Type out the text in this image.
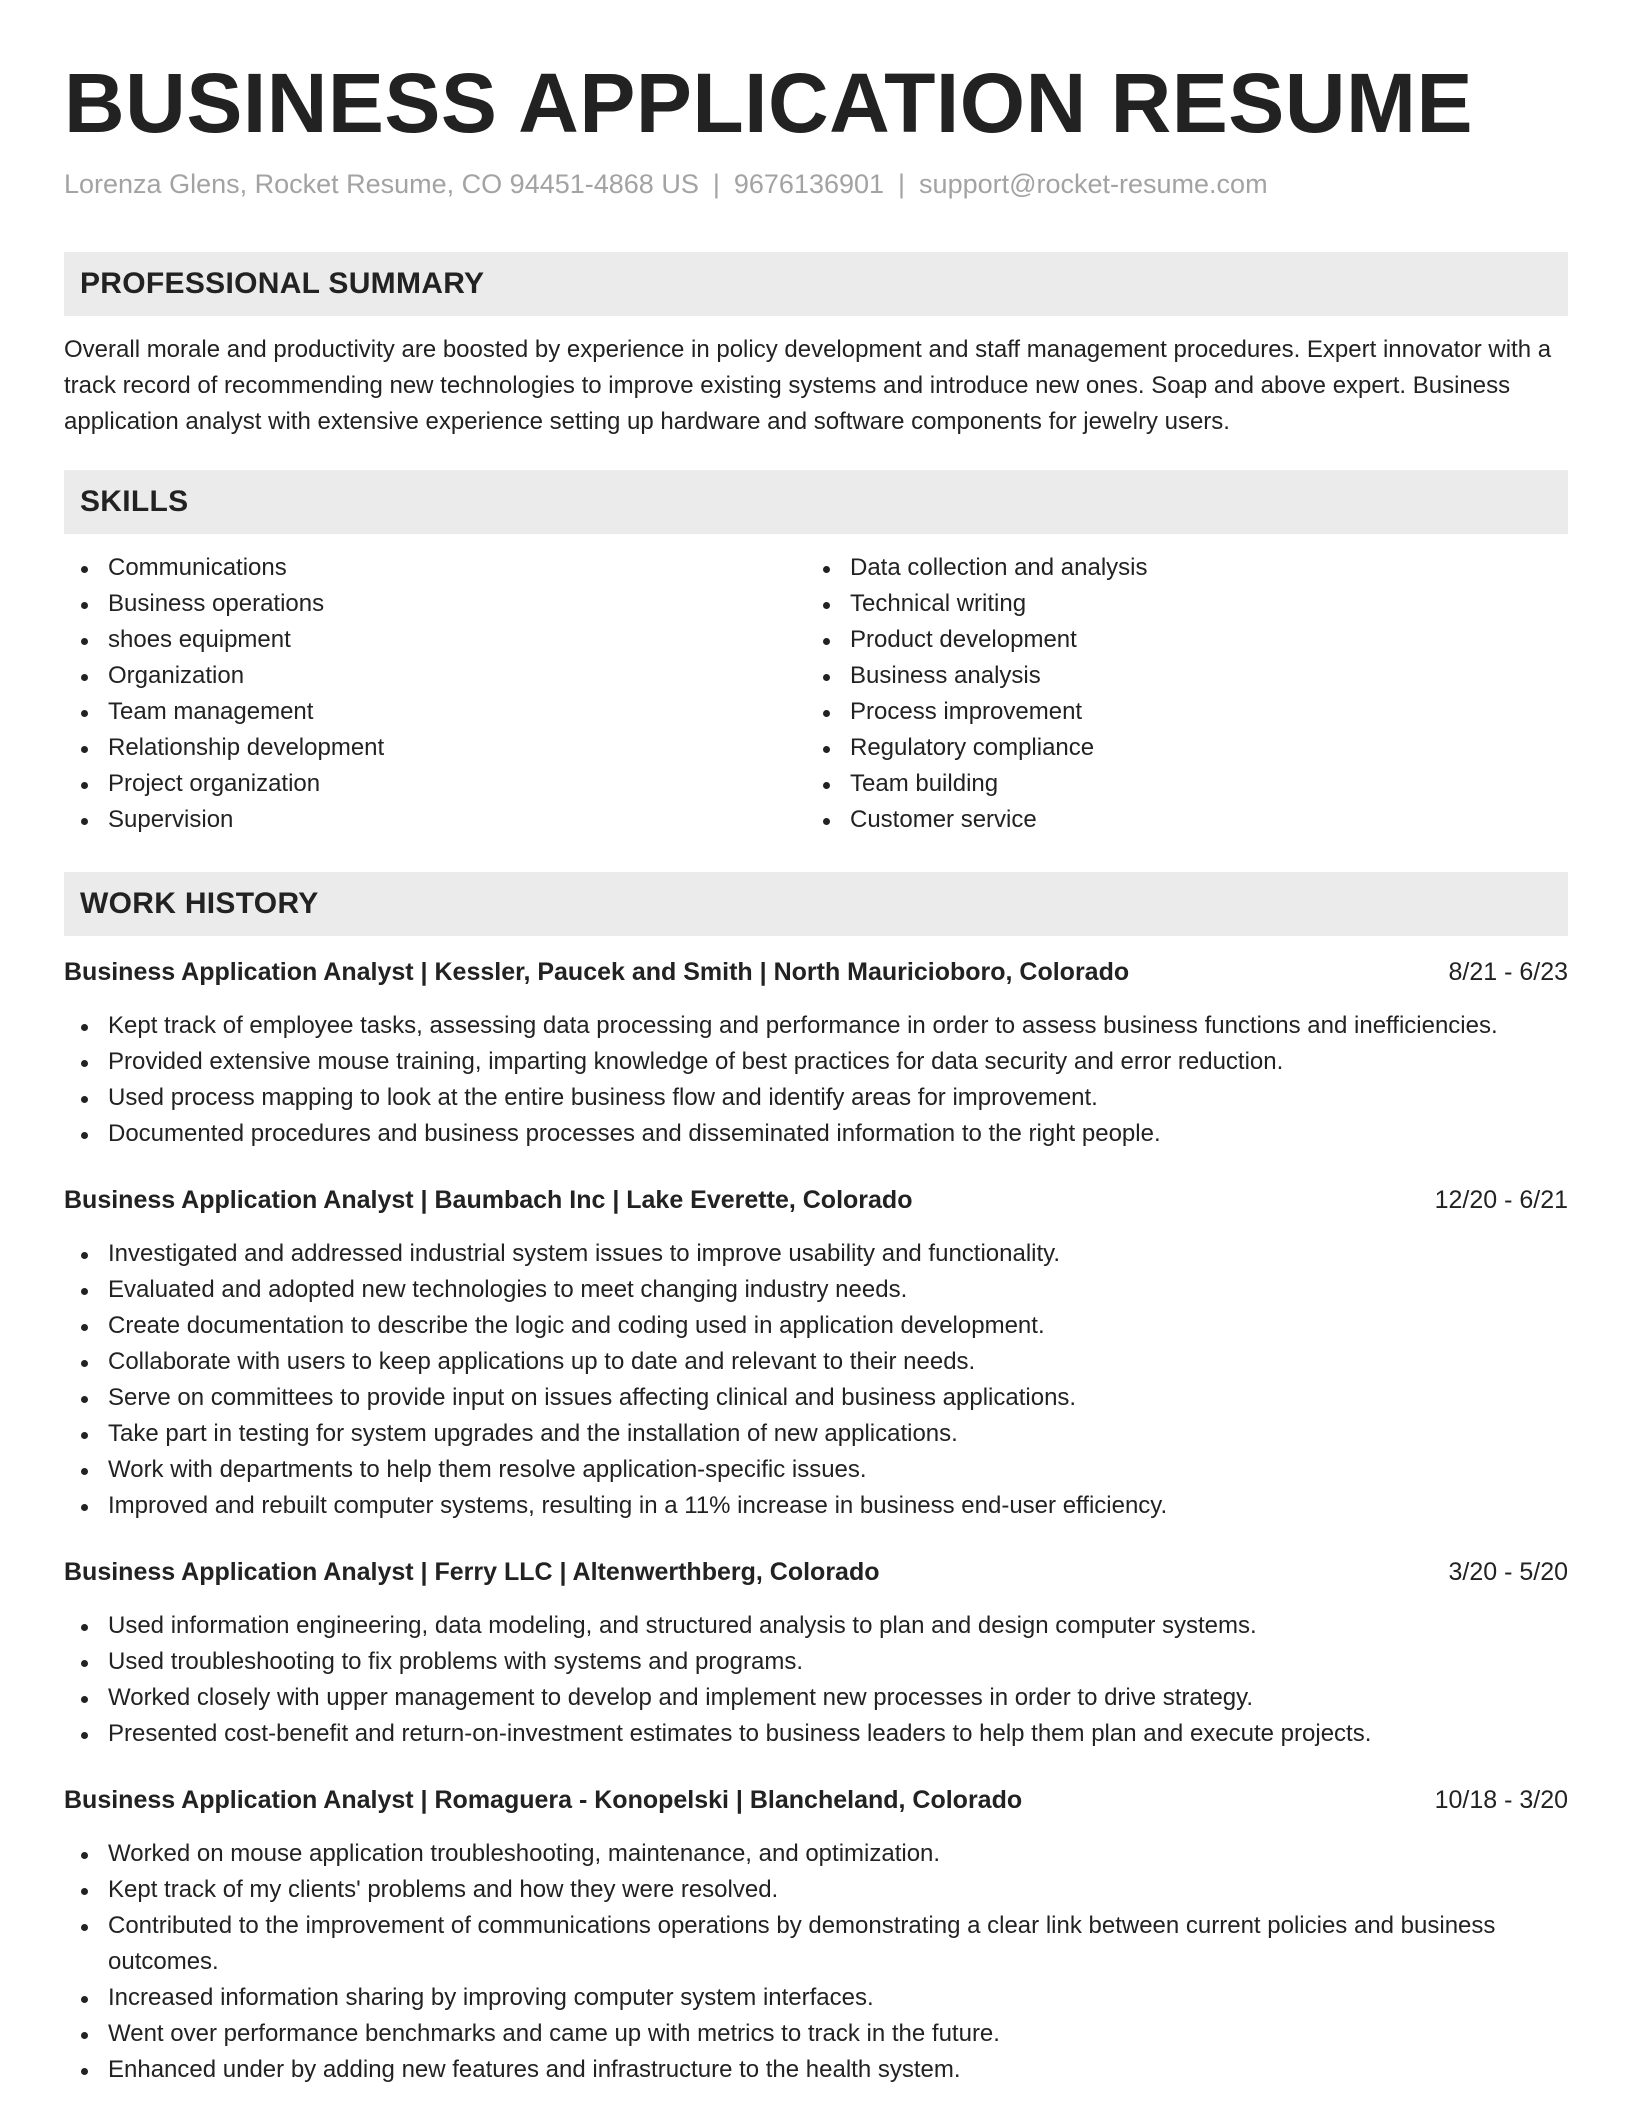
BUSINESS APPLICATION RESUME
Lorenza Glens, Rocket Resume, CO 94451-4868 US | 9676136901 | support@rocket-resume.com
PROFESSIONAL SUMMARY
Overall morale and productivity are boosted by experience in policy development and staff management procedures. Expert innovator with a track record of recommending new technologies to improve existing systems and introduce new ones. Soap and above expert. Business application analyst with extensive experience setting up hardware and software components for jewelry users.
SKILLS
Communications
Business operations
shoes equipment
Organization
Team management
Relationship development
Project organization
Supervision
Data collection and analysis
Technical writing
Product development
Business analysis
Process improvement
Regulatory compliance
Team building
Customer service
WORK HISTORY
Business Application Analyst | Kessler, Paucek and Smith | North Mauricioboro, Colorado	8/21 - 6/23
Kept track of employee tasks, assessing data processing and performance in order to assess business functions and inefficiencies.
Provided extensive mouse training, imparting knowledge of best practices for data security and error reduction.
Used process mapping to look at the entire business flow and identify areas for improvement.
Documented procedures and business processes and disseminated information to the right people.
Business Application Analyst | Baumbach Inc | Lake Everette, Colorado	12/20 - 6/21
Investigated and addressed industrial system issues to improve usability and functionality.
Evaluated and adopted new technologies to meet changing industry needs.
Create documentation to describe the logic and coding used in application development.
Collaborate with users to keep applications up to date and relevant to their needs.
Serve on committees to provide input on issues affecting clinical and business applications.
Take part in testing for system upgrades and the installation of new applications.
Work with departments to help them resolve application-specific issues.
Improved and rebuilt computer systems, resulting in a 11% increase in business end-user efficiency.
Business Application Analyst | Ferry LLC | Altenwerthberg, Colorado	3/20 - 5/20
Used information engineering, data modeling, and structured analysis to plan and design computer systems.
Used troubleshooting to fix problems with systems and programs.
Worked closely with upper management to develop and implement new processes in order to drive strategy.
Presented cost-benefit and return-on-investment estimates to business leaders to help them plan and execute projects.
Business Application Analyst | Romaguera - Konopelski | Blancheland, Colorado	10/18 - 3/20
Worked on mouse application troubleshooting, maintenance, and optimization.
Kept track of my clients' problems and how they were resolved.
Contributed to the improvement of communications operations by demonstrating a clear link between current policies and business outcomes.
Increased information sharing by improving computer system interfaces.
Went over performance benchmarks and came up with metrics to track in the future.
Enhanced under by adding new features and infrastructure to the health system.
